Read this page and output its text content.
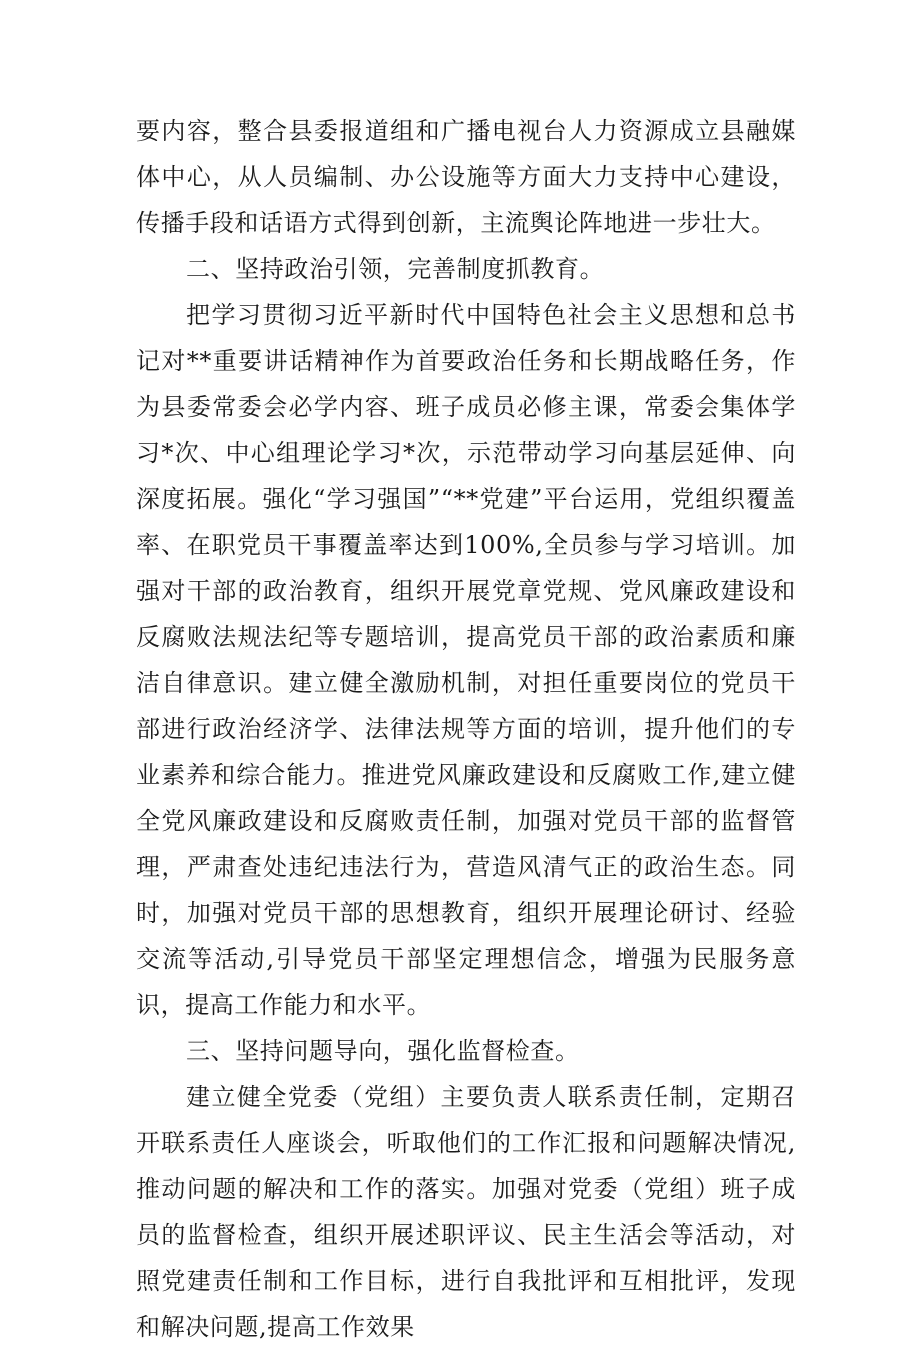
要内容，整合县委报道组和广播电视台人力资源成立县融媒体中心，从人员编制、办公设施等方面大力支持中心建设，传播手段和话语方式得到创新，主流舆论阵地进一步壮大。

二、坚持政治引领，完善制度抓教育。

把学习贯彻习近平新时代中国特色社会主义思想和总书记对**重要讲话精神作为首要政治任务和长期战略任务，作为县委常委会必学内容、班子成员必修主课，常委会集体学习*次、中心组理论学习*次，示范带动学习向基层延伸、向深度拓展。强化“学习强国”“**党建”平台运用，党组织覆盖率、在职党员干事覆盖率达到100%,全员参与学习培训。加强对干部的政治教育，组织开展党章党规、党风廉政建设和反腐败法规法纪等专题培训，提高党员干部的政治素质和廉洁自律意识。建立健全激励机制，对担任重要岗位的党员干部进行政治经济学、法律法规等方面的培训，提升他们的专业素养和综合能力。推进党风廉政建设和反腐败工作,建立健全党风廉政建设和反腐败责任制，加强对党员干部的监督管理，严肃查处违纪违法行为，营造风清气正的政治生态。同时，加强对党员干部的思想教育，组织开展理论研讨、经验交流等活动,引导党员干部坚定理想信念，增强为民服务意识，提高工作能力和水平。

三、坚持问题导向，强化监督检查。

建立健全党委（党组）主要负责人联系责任制，定期召开联系责任人座谈会，听取他们的工作汇报和问题解决情况,推动问题的解决和工作的落实。加强对党委（党组）班子成员的监督检查，组织开展述职评议、民主生活会等活动，对照党建责任制和工作目标，进行自我批评和互相批评，发现和解决问题,提高工作效果
